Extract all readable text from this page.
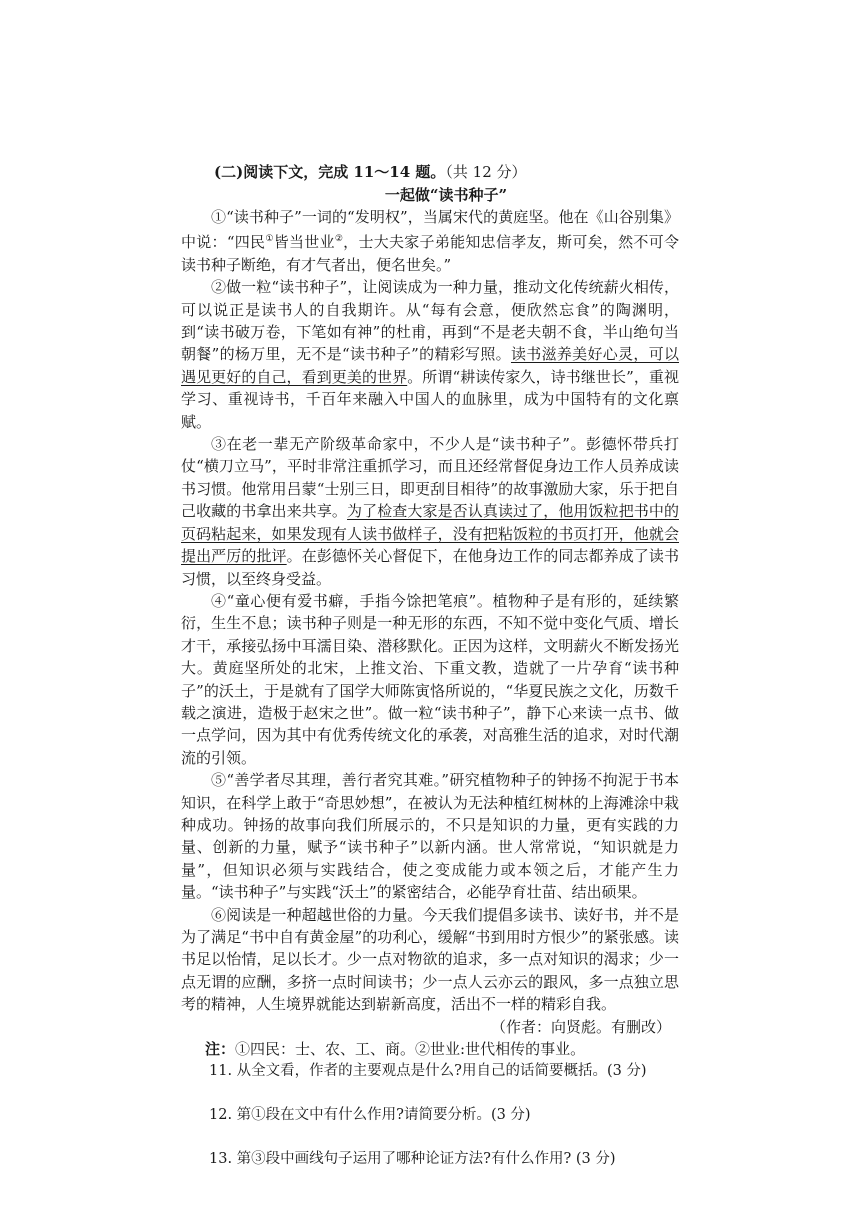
(二)阅读下文，完成 11～14 题。（共 12 分）
一起做“读书种子”

①“读书种子”一词的“发明权”，当属宋代的黄庭坚。他在《山谷别集》中说：“四民①皆当世业②，士大夫家子弟能知忠信孝友，斯可矣，然不可令读书种子断绝，有才气者出，便名世矣。”

②做一粒“读书种子”，让阅读成为一种力量，推动文化传统薪火相传，可以说正是读书人的自我期许。从“每有会意，便欣然忘食”的陶渊明，到“读书破万卷，下笔如有神”的杜甫，再到“不是老夫朝不食，半山绝句当朝餐”的杨万里，无不是“读书种子”的精彩写照。读书滋养美好心灵，可以遇见更好的自己，看到更美的世界。所谓“耕读传家久，诗书继世长”，重视学习、重视诗书，千百年来融入中国人的血脉里，成为中国特有的文化禀赋。

③在老一辈无产阶级革命家中，不少人是“读书种子”。彭德怀带兵打仗“横刀立马”，平时非常注重抓学习，而且还经常督促身边工作人员养成读书习惯。他常用吕蒙“士别三日，即更刮目相待”的故事激励大家，乐于把自己收藏的书拿出来共享。为了检查大家是否认真读过了，他用饭粒把书中的页码粘起来，如果发现有人读书做样子，没有把粘饭粒的书页打开，他就会提出严厉的批评。在彭德怀关心督促下，在他身边工作的同志都养成了读书习惯，以至终身受益。

④“童心便有爱书癖，手指今馀把笔痕”。植物种子是有形的，延续繁衍，生生不息；读书种子则是一种无形的东西，不知不觉中变化气质、增长才干，承接弘扬中耳濡目染、潜移默化。正因为这样，文明薪火不断发扬光大。黄庭坚所处的北宋，上推文治、下重文教，造就了一片孕育“读书种子”的沃土，于是就有了国学大师陈寅恪所说的，“华夏民族之文化，历数千载之演进，造极于赵宋之世”。做一粒“读书种子”，静下心来读一点书、做一点学问，因为其中有优秀传统文化的承袭，对高雅生活的追求，对时代潮流的引领。

⑤“善学者尽其理，善行者究其难。”研究植物种子的钟扬不拘泥于书本知识，在科学上敢于“奇思妙想”，在被认为无法种植红树林的上海滩涂中栽种成功。钟扬的故事向我们所展示的，不只是知识的力量，更有实践的力量、创新的力量，赋予“读书种子”以新内涵。世人常常说，“知识就是力量”，但知识必须与实践结合，使之变成能力或本领之后，才能产生力量。“读书种子”与实践“沃土”的紧密结合，必能孕育壮苗、结出硕果。

⑥阅读是一种超越世俗的力量。今天我们提倡多读书、读好书，并不是为了满足“书中自有黄金屋”的功利心，缓解“书到用时方恨少”的紧张感。读书足以怡情，足以长才。少一点对物欲的追求，多一点对知识的渴求；少一点无谓的应酬，多挤一点时间读书；少一点人云亦云的跟风，多一点独立思考的精神，人生境界就能达到崭新高度，活出不一样的精彩自我。

（作者：向贤彪。有删改）
注：①四民：士、农、工、商。②世业:世代相传的事业。
11. 从全文看，作者的主要观点是什么?用自己的话简要概括。(3 分)
12. 第①段在文中有什么作用?请简要分析。(3 分)
13. 第③段中画线句子运用了哪种论证方法?有什么作用? (3 分)
